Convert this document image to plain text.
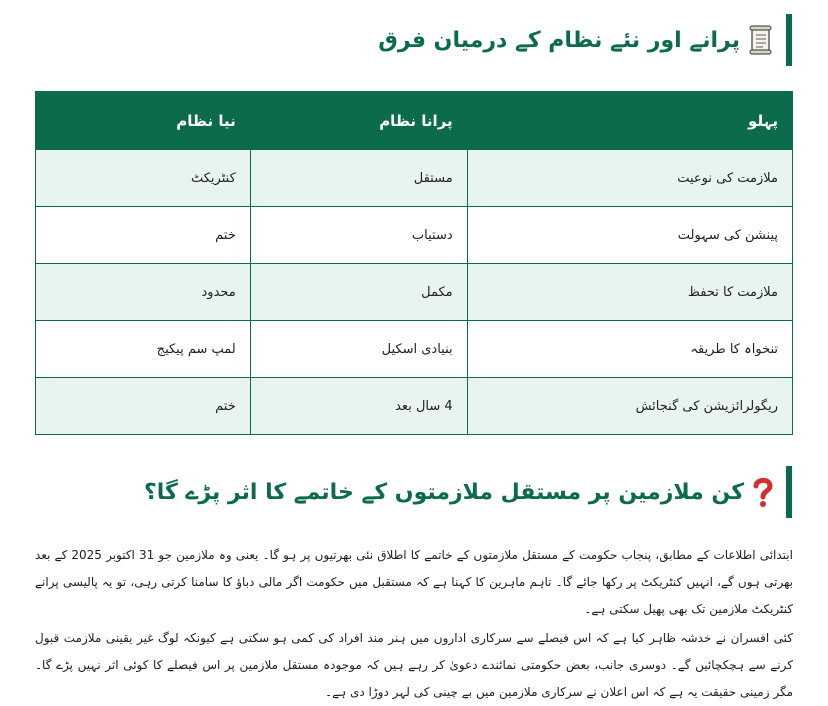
پرانے اور نئے نظام کے درمیان فرق
پہلو	پرانا نظام	نیا نظام
ملازمت کی نوعیت	مستقل	کنٹریکٹ
پینشن کی سہولت	دستیاب	ختم
ملازمت کا تحفظ	مکمل	محدود
تنخواہ کا طریقہ	بنیادی اسکیل	لمپ سم پیکیج
ریگولرائزیشن کی گنجائش	4 سال بعد	ختم
کن ملازمین پر مستقل ملازمتوں کے خاتمے کا اثر پڑے گا؟

ابتدائی اطلاعات کے مطابق، پنجاب حکومت کے مستقل ملازمتوں کے خاتمے کا اطلاق نئی بھرتیوں پر ہو گا۔ یعنی وہ ملازمین جو 31 اکتوبر 2025 کے بعد بھرتی ہوں گے، انہیں کنٹریکٹ پر رکھا جائے گا۔ تاہم ماہرین کا کہنا ہے کہ مستقبل میں حکومت اگر مالی دباؤ کا سامنا کرتی رہی، تو یہ پالیسی پرانے کنٹریکٹ ملازمین تک بھی پھیل سکتی ہے۔

کئی افسران نے خدشہ ظاہر کیا ہے کہ اس فیصلے سے سرکاری اداروں میں ہنر مند افراد کی کمی ہو سکتی ہے کیونکہ لوگ غیر یقینی ملازمت قبول کرنے سے ہچکچائیں گے۔ دوسری جانب، بعض حکومتی نمائندے دعویٰ کر رہے ہیں کہ موجودہ مستقل ملازمین پر اس فیصلے کا کوئی اثر نہیں پڑے گا۔ مگر زمینی حقیقت یہ ہے کہ اس اعلان نے سرکاری ملازمین میں بے چینی کی لہر دوڑا دی ہے۔
